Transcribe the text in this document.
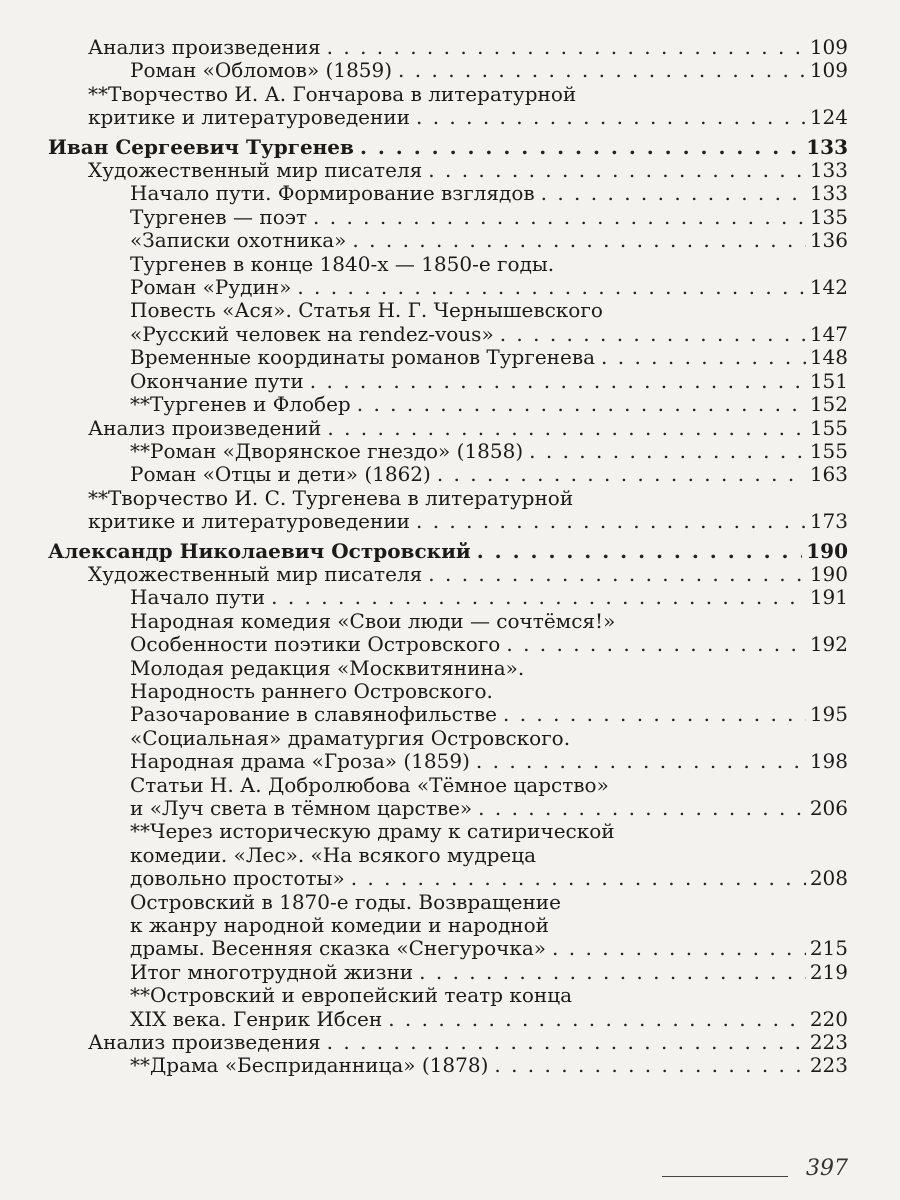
Анализ произведения . . .	109
Роман «Обломов» (1859) . . .	109
**Творчество И. А. Гончарова в литературной
критике и литературоведении . . .	124
Иван Сергеевич Тургенев . . .	133
Художественный мир писателя . . .	133
Начало пути. Формирование взглядов . . .	133
Тургенев — поэт . . .	135
«Записки охотника» . . .	136
Тургенев в конце 1840-х — 1850-е годы.
Роман «Рудин» . . .	142
Повесть «Ася». Статья Н. Г. Чернышевского
«Русский человек на rendez-vous» . . .	147
Временные координаты романов Тургенева . . .	148
Окончание пути . . .	151
**Тургенев и Флобер . . .	152
Анализ произведений . . .	155
**Роман «Дворянское гнездо» (1858) . . .	155
Роман «Отцы и дети» (1862) . . .	163
**Творчество И. С. Тургенева в литературной
критике и литературоведении . . .	173
Александр Николаевич Островский . . .	190
Художественный мир писателя . . .	190
Начало пути . . .	191
Народная комедия «Свои люди — сочтёмся!»
Особенности поэтики Островского . . .	192
Молодая редакция «Москвитянина».
Народность раннего Островского.
Разочарование в славянофильстве . . .	195
«Социальная» драматургия Островского.
Народная драма «Гроза» (1859) . . .	198
Статьи Н. А. Добролюбова «Тёмное царство»
и «Луч света в тёмном царстве» . . .	206
**Через историческую драму к сатирической
комедии. «Лес». «На всякого мудреца
довольно простоты» . . .	208
Островский в 1870-е годы. Возвращение
к жанру народной комедии и народной
драмы. Весенняя сказка «Снегурочка» . . .	215
Итог многотрудной жизни . . .	219
**Островский и европейский театр конца
XIX века. Генрик Ибсен . . .	220
Анализ произведения . . .	223
**Драма «Бесприданница» (1878) . . .	223
397
